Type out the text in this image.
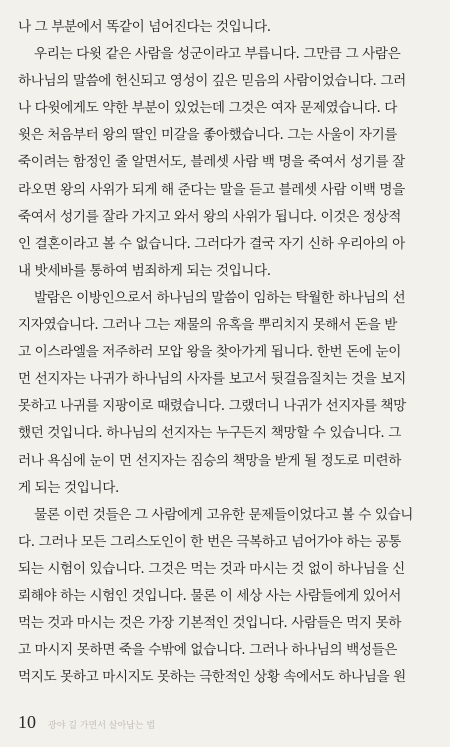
나 그 부분에서 똑같이 넘어진다는 것입니다.
우리는 다윗 같은 사람을 성군이라고 부릅니다. 그만큼 그 사람은
하나님의 말씀에 헌신되고 영성이 깊은 믿음의 사람이었습니다. 그러
나 다윗에게도 약한 부분이 있었는데 그것은 여자 문제였습니다. 다
윗은 처음부터 왕의 딸인 미갈을 좋아했습니다. 그는 사울이 자기를
죽이려는 함정인 줄 알면서도, 블레셋 사람 백 명을 죽여서 성기를 잘
라오면 왕의 사위가 되게 해 준다는 말을 듣고 블레셋 사람 이백 명을
죽여서 성기를 잘라 가지고 와서 왕의 사위가 됩니다. 이것은 정상적
인 결혼이라고 볼 수 없습니다. 그러다가 결국 자기 신하 우리아의 아
내 밧세바를 통하여 범죄하게 되는 것입니다.
발람은 이방인으로서 하나님의 말씀이 임하는 탁월한 하나님의 선
지자였습니다. 그러나 그는 재물의 유혹을 뿌리치지 못해서 돈을 받
고 이스라엘을 저주하러 모압 왕을 찾아가게 됩니다. 한번 돈에 눈이
먼 선지자는 나귀가 하나님의 사자를 보고서 뒷걸음질치는 것을 보지
못하고 나귀를 지팡이로 때렸습니다. 그랬더니 나귀가 선지자를 책망
했던 것입니다. 하나님의 선지자는 누구든지 책망할 수 있습니다. 그
러나 욕심에 눈이 먼 선지자는 짐승의 책망을 받게 될 정도로 미련하
게 되는 것입니다.
물론 이런 것들은 그 사람에게 고유한 문제들이었다고 볼 수 있습니
다. 그러나 모든 그리스도인이 한 번은 극복하고 넘어가야 하는 공통
되는 시험이 있습니다. 그것은 먹는 것과 마시는 것 없이 하나님을 신
뢰해야 하는 시험인 것입니다. 물론 이 세상 사는 사람들에게 있어서
먹는 것과 마시는 것은 가장 기본적인 것입니다. 사람들은 먹지 못하
고 마시지 못하면 죽을 수밖에 없습니다. 그러나 하나님의 백성들은
먹지도 못하고 마시지도 못하는 극한적인 상황 속에서도 하나님을 원
10 광야 길 가면서 살아남는 법
